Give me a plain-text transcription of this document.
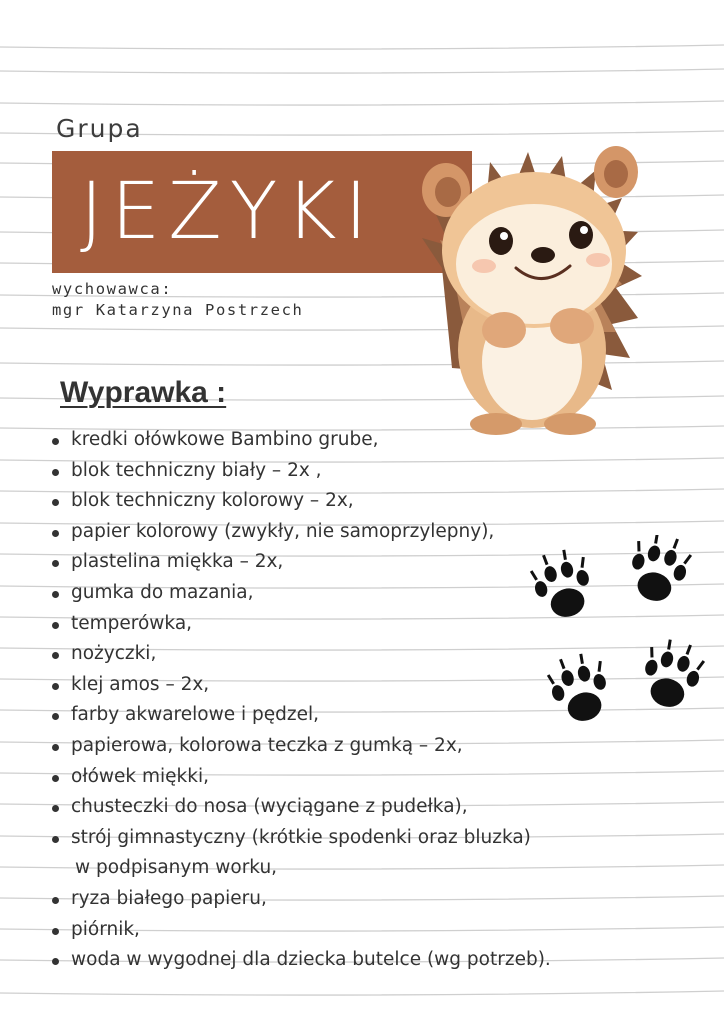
Grupa
JEŻYKI
wychowawca:
mgr Katarzyna Postrzech
Wyprawka :
kredki ołówkowe Bambino grube,
blok techniczny biały – 2x ,
blok techniczny kolorowy – 2x,
papier kolorowy (zwykły, nie samoprzylepny),
plastelina miękka – 2x,
gumka do mazania,
temperówka,
nożyczki,
klej amos – 2x,
farby akwarelowe i pędzel,
papierowa, kolorowa teczka z gumką – 2x,
ołówek miękki,
chusteczki do nosa (wyciągane z pudełka),
strój gimnastyczny (krótkie spodenki oraz bluzka)
w podpisanym worku,
ryza białego papieru,
piórnik,
woda w wygodnej dla dziecka butelce (wg potrzeb).
